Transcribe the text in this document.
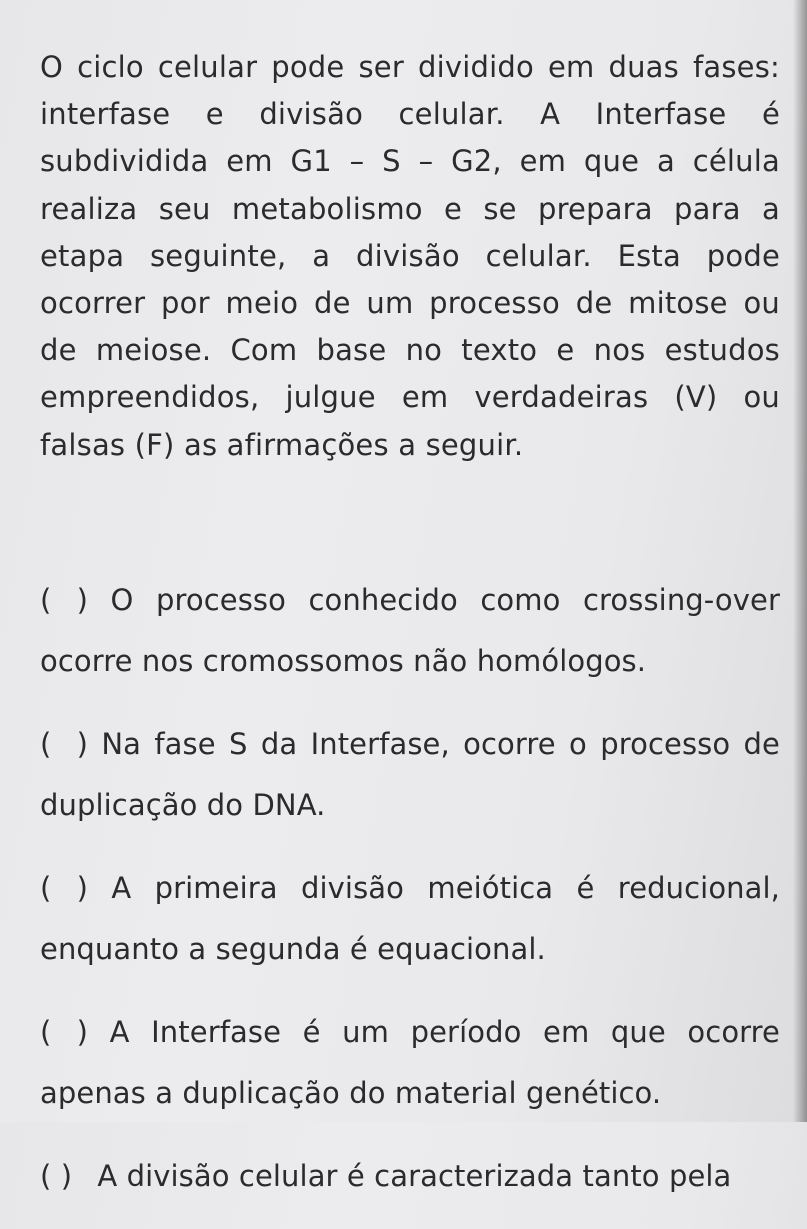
O ciclo celular pode ser dividido em duas fases:

interfase e divisão celular. A Interfase é

subdividida em G1 – S – G2, em que a célula

realiza seu metabolismo e se prepara para a

etapa seguinte, a divisão celular. Esta pode

ocorrer por meio de um processo de mitose ou

de meiose. Com base no texto e nos estudos

empreendidos, julgue em verdadeiras (V) ou

falsas (F) as afirmações a seguir.

( ) O processo conhecido como crossing-over

ocorre nos cromossomos não homólogos.

( ) Na fase S da Interfase, ocorre o processo de

duplicação do DNA.

( ) A primeira divisão meiótica é reducional,

enquanto a segunda é equacional.

( ) A Interfase é um período em que ocorre

apenas a duplicação do material genético.

( ) A divisão celular é caracterizada tanto pela
